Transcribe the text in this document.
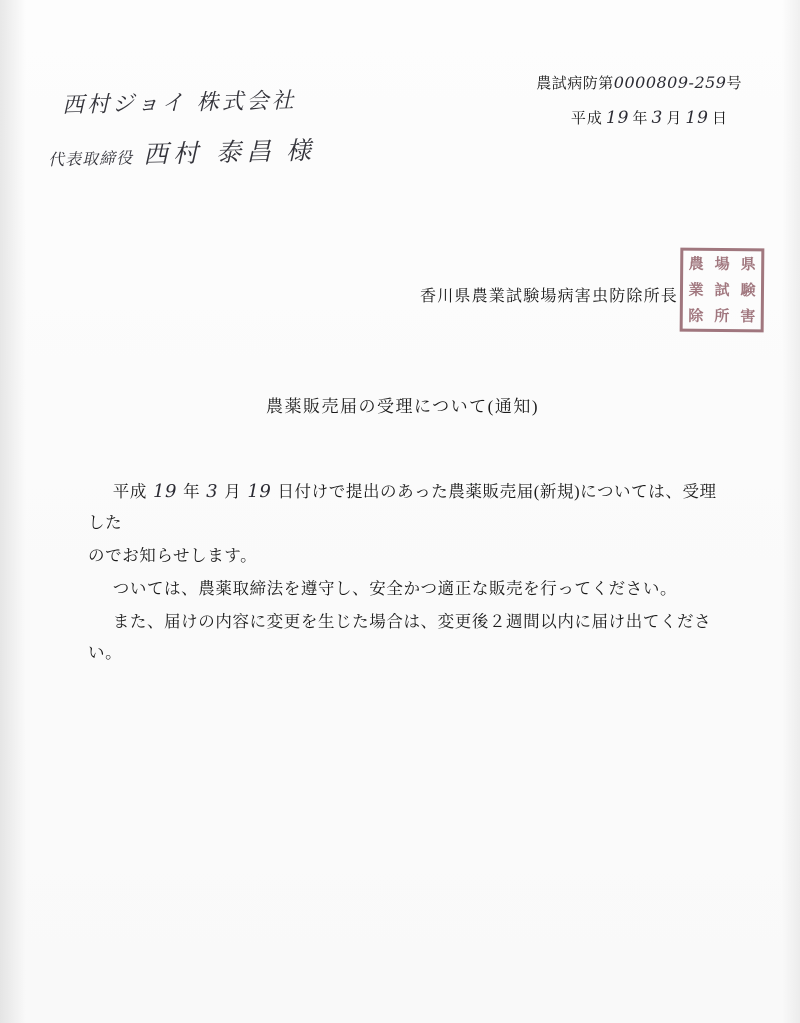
農試病防第0000809-259号
平成 19 年 3 月 19 日
西村ジョイ 株式会社
代表取締役 西村 泰昌 様
香川県農業試験場病害虫防除所長
農 場 県
業 試 験
除 所 害
農薬販売届の受理について(通知)

平成 19 年 3 月 19 日付けで提出のあった農薬販売届(新規)については、受理した

のでお知らせします。

ついては、農薬取締法を遵守し、安全かつ適正な販売を行ってください。

また、届けの内容に変更を生じた場合は、変更後２週間以内に届け出てください。
